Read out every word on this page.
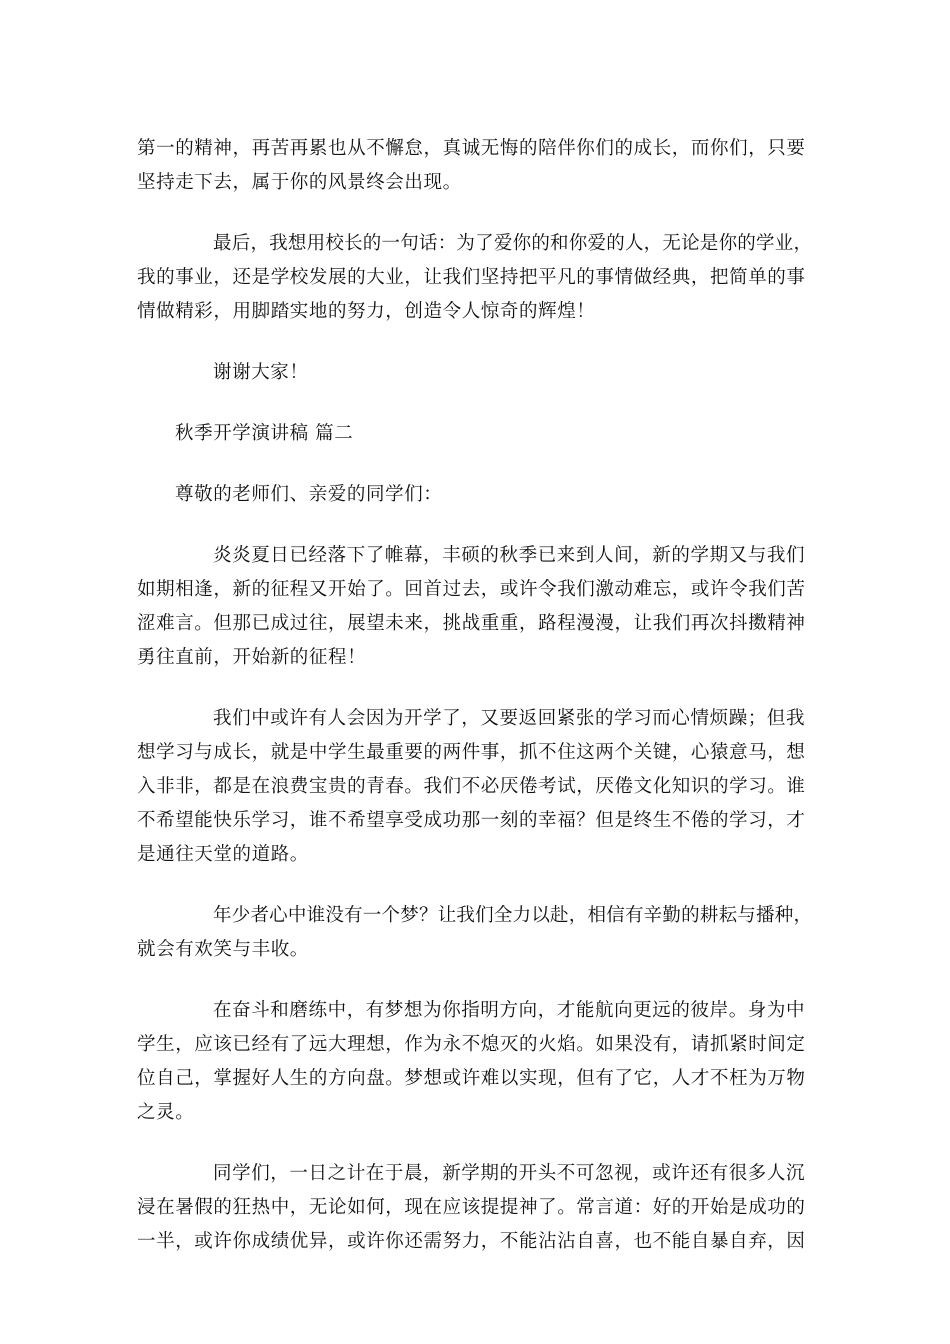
第一的精神，再苦再累也从不懈怠，真诚无悔的陪伴你们的成长，而你们，只要
坚持走下去，属于你的风景终会出现。

最后，我想用校长的一句话：为了爱你的和你爱的人，无论是你的学业，
我的事业，还是学校发展的大业，让我们坚持把平凡的事情做经典，把简单的事
情做精彩，用脚踏实地的努力，创造令人惊奇的辉煌！

谢谢大家！

秋季开学演讲稿 篇二

尊敬的老师们、亲爱的同学们：

炎炎夏日已经落下了帷幕，丰硕的秋季已来到人间，新的学期又与我们
如期相逢，新的征程又开始了。回首过去，或许令我们激动难忘，或许令我们苦
涩难言。但那已成过往，展望未来，挑战重重，路程漫漫，让我们再次抖擞精神
勇往直前，开始新的征程！

我们中或许有人会因为开学了，又要返回紧张的学习而心情烦躁；但我
想学习与成长，就是中学生最重要的两件事，抓不住这两个关键，心猿意马，想
入非非，都是在浪费宝贵的青春。我们不必厌倦考试，厌倦文化知识的学习。谁
不希望能快乐学习，谁不希望享受成功那一刻的幸福？但是终生不倦的学习，才
是通往天堂的道路。

年少者心中谁没有一个梦？让我们全力以赴，相信有辛勤的耕耘与播种，
就会有欢笑与丰收。

在奋斗和磨练中，有梦想为你指明方向，才能航向更远的彼岸。身为中
学生，应该已经有了远大理想，作为永不熄灭的火焰。如果没有，请抓紧时间定
位自己，掌握好人生的方向盘。梦想或许难以实现，但有了它，人才不枉为万物
之灵。

同学们，一日之计在于晨，新学期的开头不可忽视，或许还有很多人沉
浸在暑假的狂热中，无论如何，现在应该提提神了。常言道：好的开始是成功的
一半，或许你成绩优异，或许你还需努力，不能沾沾自喜，也不能自暴自弃，因
